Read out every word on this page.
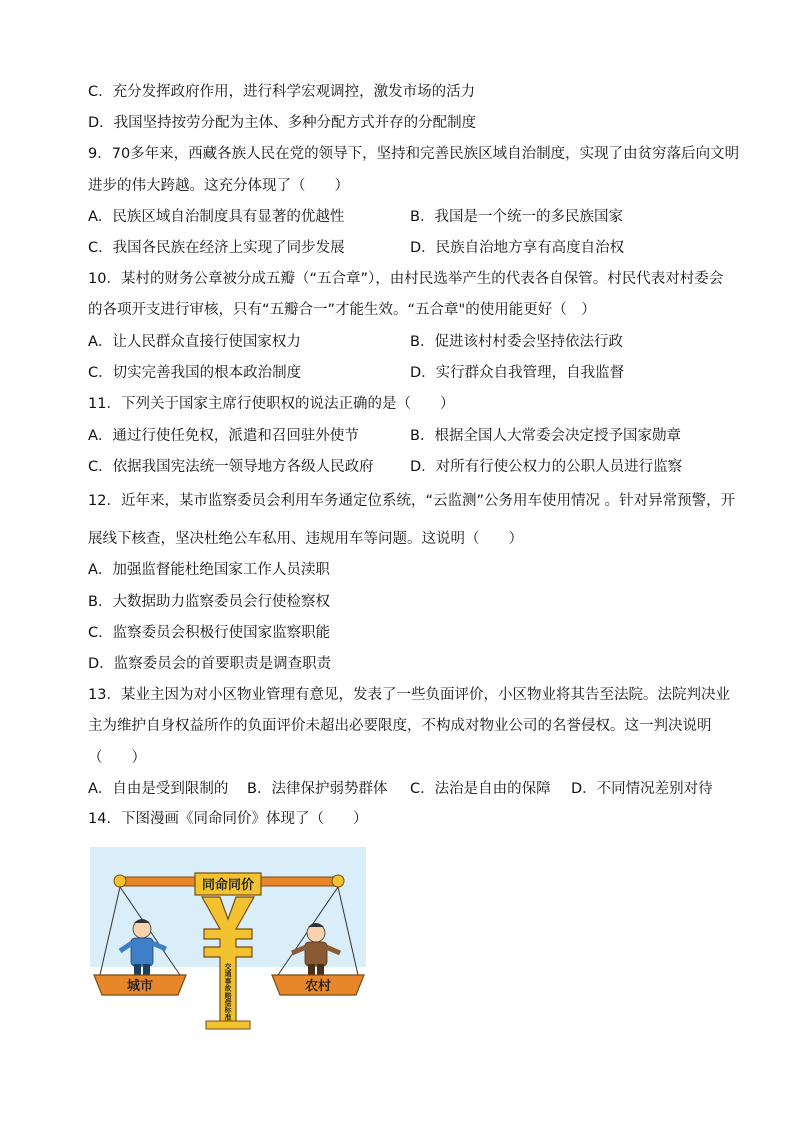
C．充分发挥政府作用，进行科学宏观调控，激发市场的活力
D．我国坚持按劳分配为主体、多种分配方式并存的分配制度
9．70多年来，西藏各族人民在党的领导下，坚持和完善民族区域自治制度，实现了由贫穷落后向文明
进步的伟大跨越。这充分体现了（　　）
A．民族区域自治制度具有显著的优越性	B．我国是一个统一的多民族国家
C．我国各民族在经济上实现了同步发展	D．民族自治地方享有高度自治权
10．某村的财务公章被分成五瓣（“五合章”），由村民选举产生的代表各自保管。村民代表对村委会
的各项开支进行审核，只有“五瓣合一”才能生效。“五合章"的使用能更好（　）
A．让人民群众直接行使国家权力	B．促进该村村委会坚持依法行政
C．切实完善我国的根本政治制度	D．实行群众自我管理，自我监督
11．下列关于国家主席行使职权的说法正确的是（　　）
A．通过行使任免权，派遣和召回驻外使节	B．根据全国人大常委会决定授予国家勋章
C．依据我国宪法统一领导地方各级人民政府	D．对所有行使公权力的公职人员进行监察
12．近年来，某市监察委员会利用车务通定位系统，“云监测”公务用车使用情况 。针对异常预警，开
展线下核查，坚决杜绝公车私用、违规用车等问题。这说明（　　）
A．加强监督能杜绝国家工作人员渎职
B．大数据助力监察委员会行使检察权
C．监察委员会积极行使国家监察职能
D．监察委员会的首要职责是调查职责
13．某业主因为对小区物业管理有意见，发表了一些负面评价，小区物业将其告至法院。法院判决业
主为维护自身权益所作的负面评价未超出必要限度，不构成对物业公司的名誉侵权。这一判决说明
（　　）
A．自由是受到限制的 B．法律保护弱势群体 C．法治是自由的保障 D．不同情况差别对待
14．下图漫画《同命同价》体现了（　　）
同命同价
交
通
事
故
赔
偿
标
准
城市	农村
